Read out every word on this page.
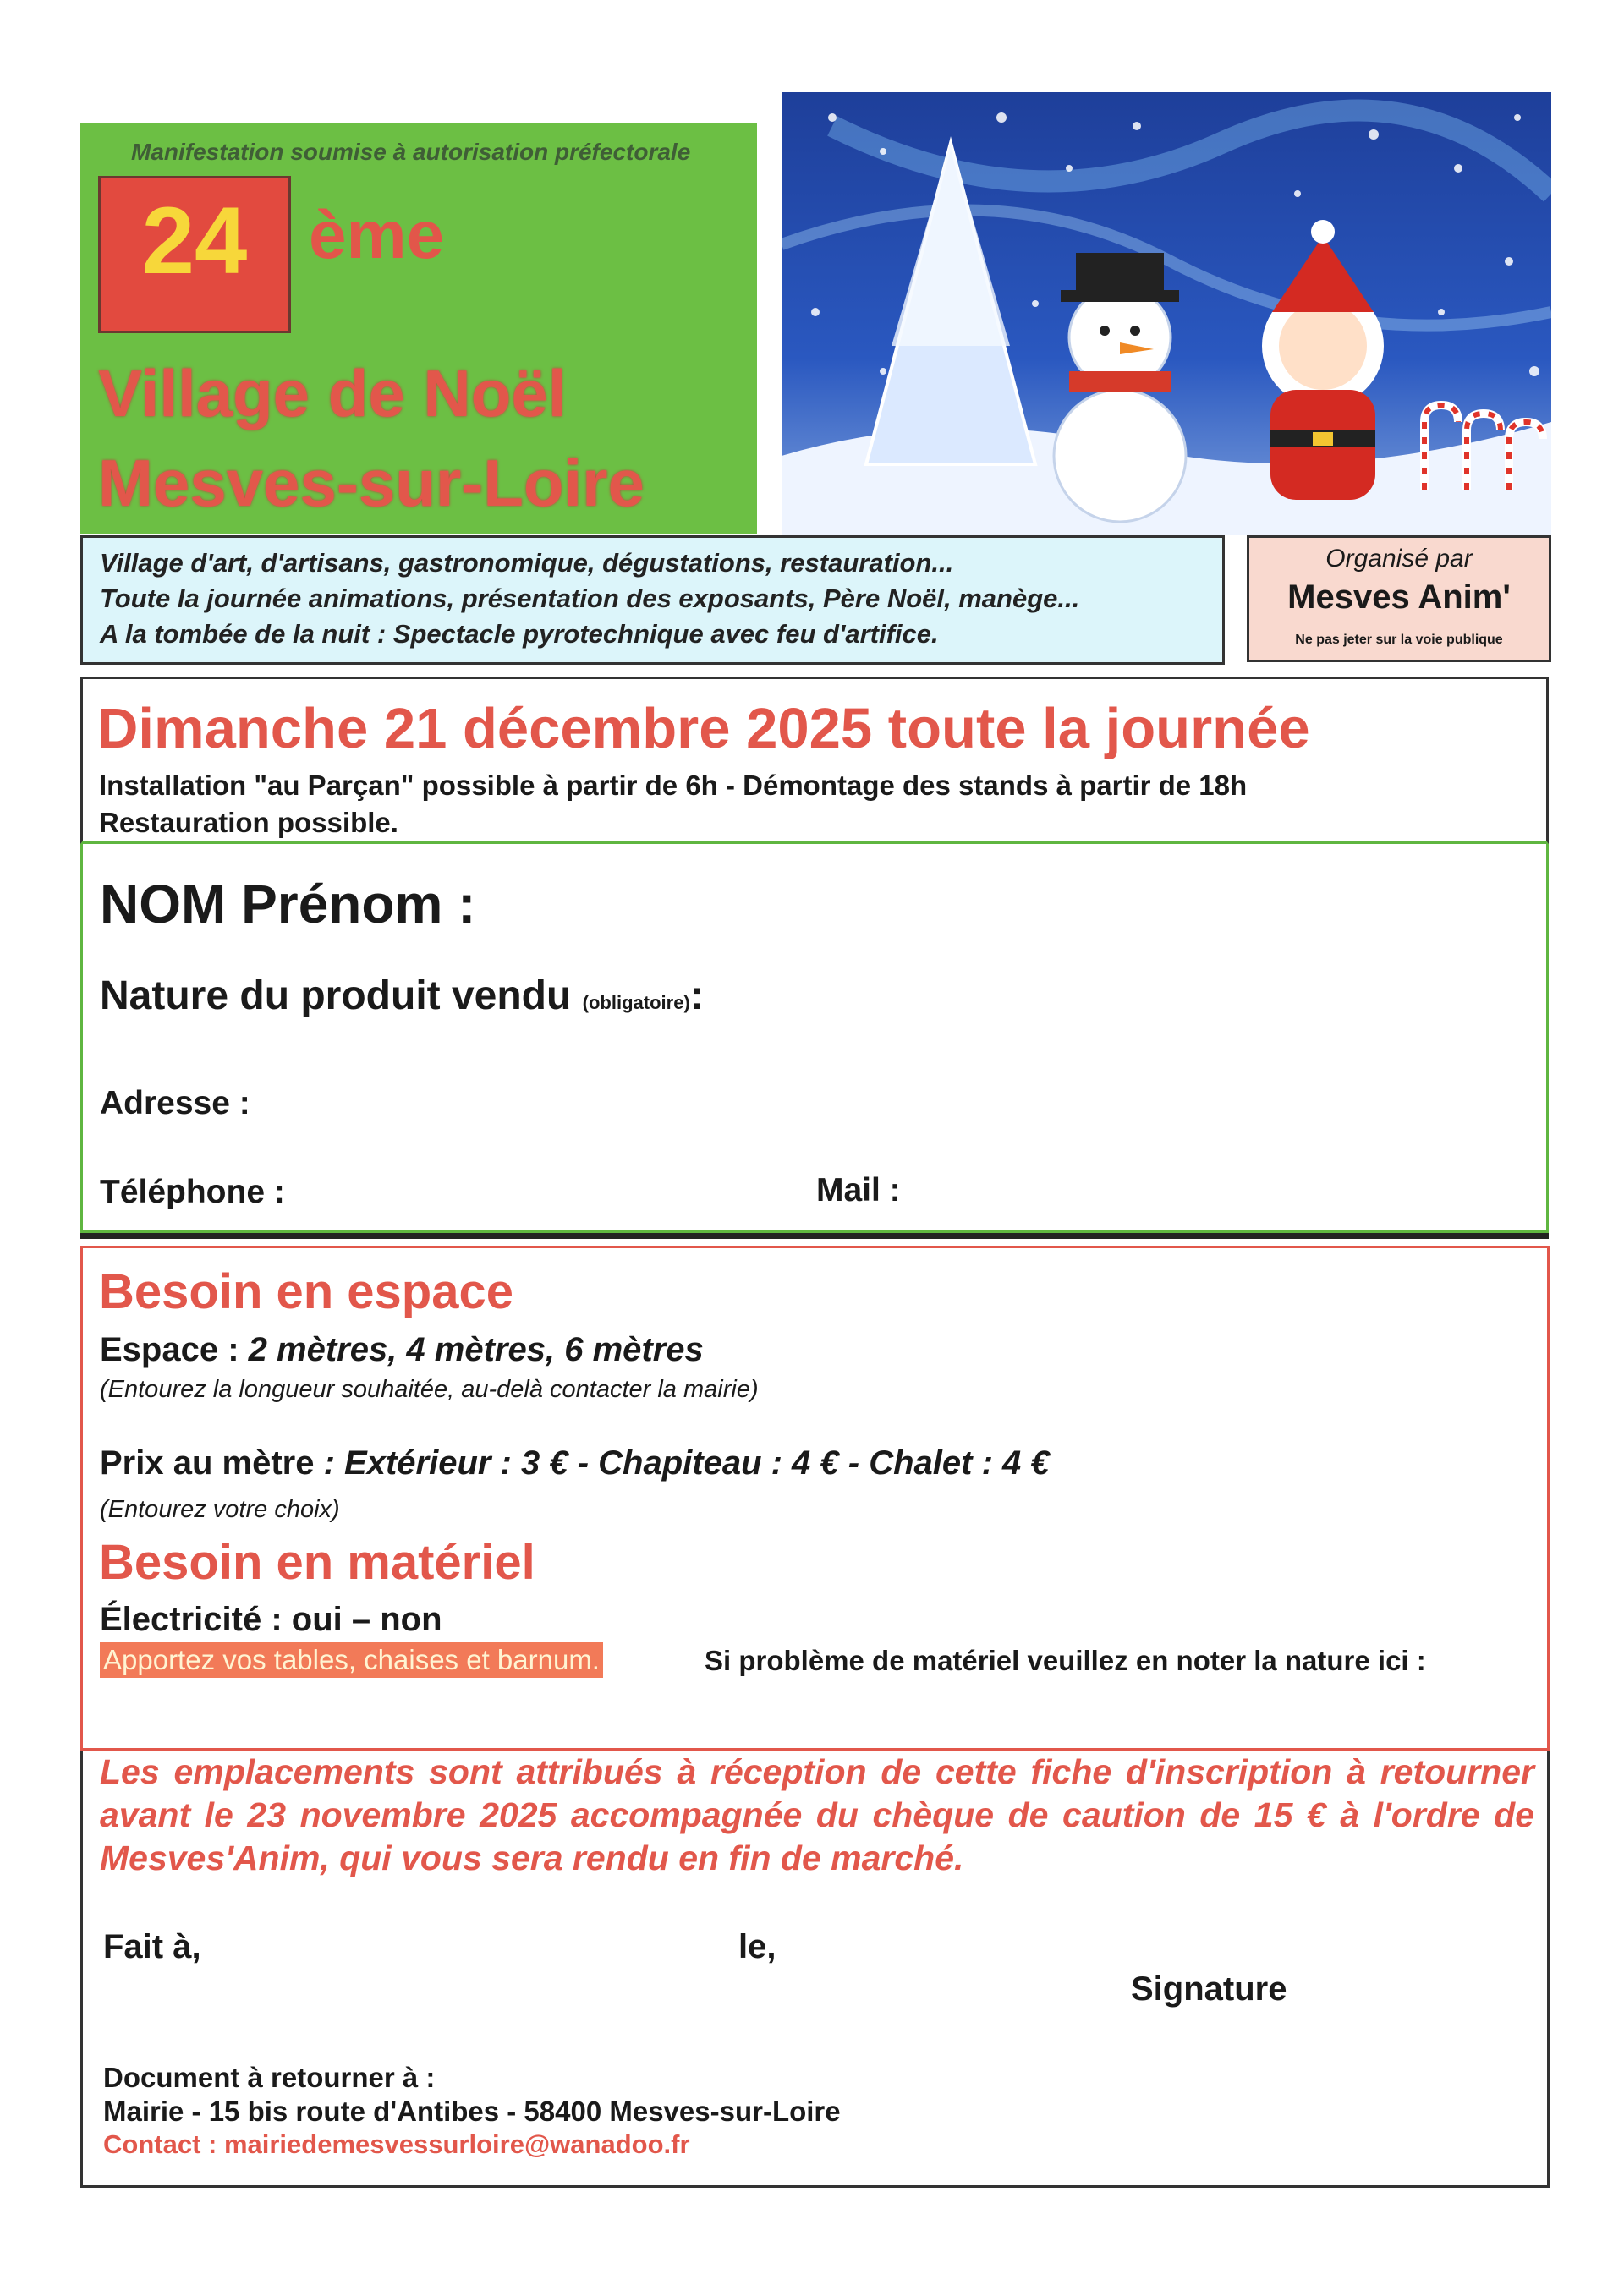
Manifestation soumise à autorisation préfectorale
24 ème
Village de Noël
Mesves-sur-Loire
Village d'art, d'artisans, gastronomique, dégustations, restauration...
Toute la journée animations, présentation des exposants, Père Noël, manège...
A la tombée de la nuit : Spectacle pyrotechnique avec feu d'artifice.
Organisé par
Mesves Anim'
Ne pas jeter sur la voie publique
Dimanche 21 décembre 2025 toute la journée
Installation "au Parçan" possible à partir de 6h - Démontage des stands à partir de 18h
Restauration possible.
NOM Prénom :
Nature du produit vendu (obligatoire):
Adresse :
Téléphone :	Mail :
Besoin en espace
Espace : 2 mètres, 4 mètres, 6 mètres
(Entourez la longueur souhaitée, au-delà contacter la mairie)
Prix au mètre : Extérieur : 3 € - Chapiteau : 4 € - Chalet : 4 €
(Entourez votre choix)
Besoin en matériel
Électricité : oui – non
Apportez vos tables, chaises et barnum.	Si problème de matériel veuillez en noter la nature ici :
Les emplacements sont attribués à réception de cette fiche d'inscription à retourner avant le 23 novembre 2025 accompagnée du chèque de caution de 15 € à l'ordre de Mesves'Anim, qui vous sera rendu en fin de marché.
Fait à,	le,
Signature
Document à retourner à :
Mairie - 15 bis route d'Antibes - 58400 Mesves-sur-Loire
Contact : mairiedemesvessurloire@wanadoo.fr
